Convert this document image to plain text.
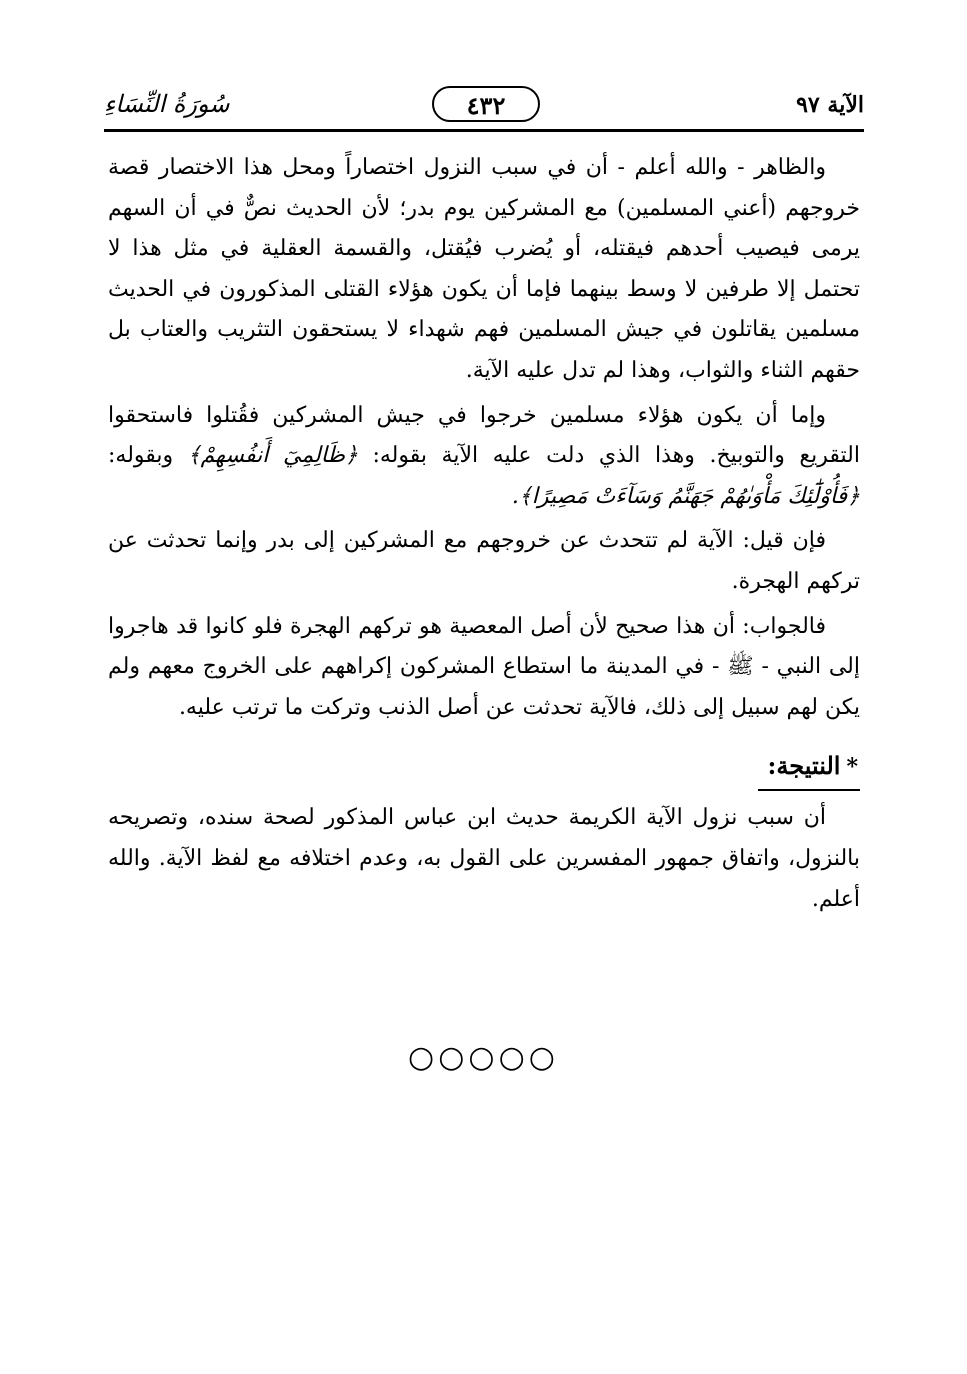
الآية ٩٧
٤٣٢
سُورَةُ النِّسَاءِ

والظاهر - والله أعلم - أن في سبب النزول اختصاراً ومحل هذا الاختصار قصة خروجهم (أعني المسلمين) مع المشركين يوم بدر؛ لأن الحديث نصٌّ في أن السهم يرمى فيصيب أحدهم فيقتله، أو يُضرب فيُقتل، والقسمة العقلية في مثل هذا لا تحتمل إلا طرفين لا وسط بينهما فإما أن يكون هؤلاء القتلى المذكورون في الحديث مسلمين يقاتلون في جيش المسلمين فهم شهداء لا يستحقون التثريب والعتاب بل حقهم الثناء والثواب، وهذا لم تدل عليه الآية.

وإما أن يكون هؤلاء مسلمين خرجوا في جيش المشركين فقُتلوا فاستحقوا التقريع والتوبيخ. وهذا الذي دلت عليه الآية بقوله: ﴿ظَالِمِيٓ أَنفُسِهِمْ﴾ وبقوله: ﴿فَأُوْلَٰٓئِكَ مَأْوَىٰهُمْ جَهَنَّمُ وَسَآءَتْ مَصِيرًا﴾.

فإن قيل: الآية لم تتحدث عن خروجهم مع المشركين إلى بدر وإنما تحدثت عن تركهم الهجرة.

فالجواب: أن هذا صحيح لأن أصل المعصية هو تركهم الهجرة فلو كانوا قد هاجروا إلى النبي - ﷺ - في المدينة ما استطاع المشركون إكراههم على الخروج معهم ولم يكن لهم سبيل إلى ذلك، فالآية تحدثت عن أصل الذنب وتركت ما ترتب عليه.

*النتيجة:

أن سبب نزول الآية الكريمة حديث ابن عباس المذكور لصحة سنده، وتصريحه بالنزول، واتفاق جمهور المفسرين على القول به، وعدم اختلافه مع لفظ الآية. والله أعلم.

○○○○○
